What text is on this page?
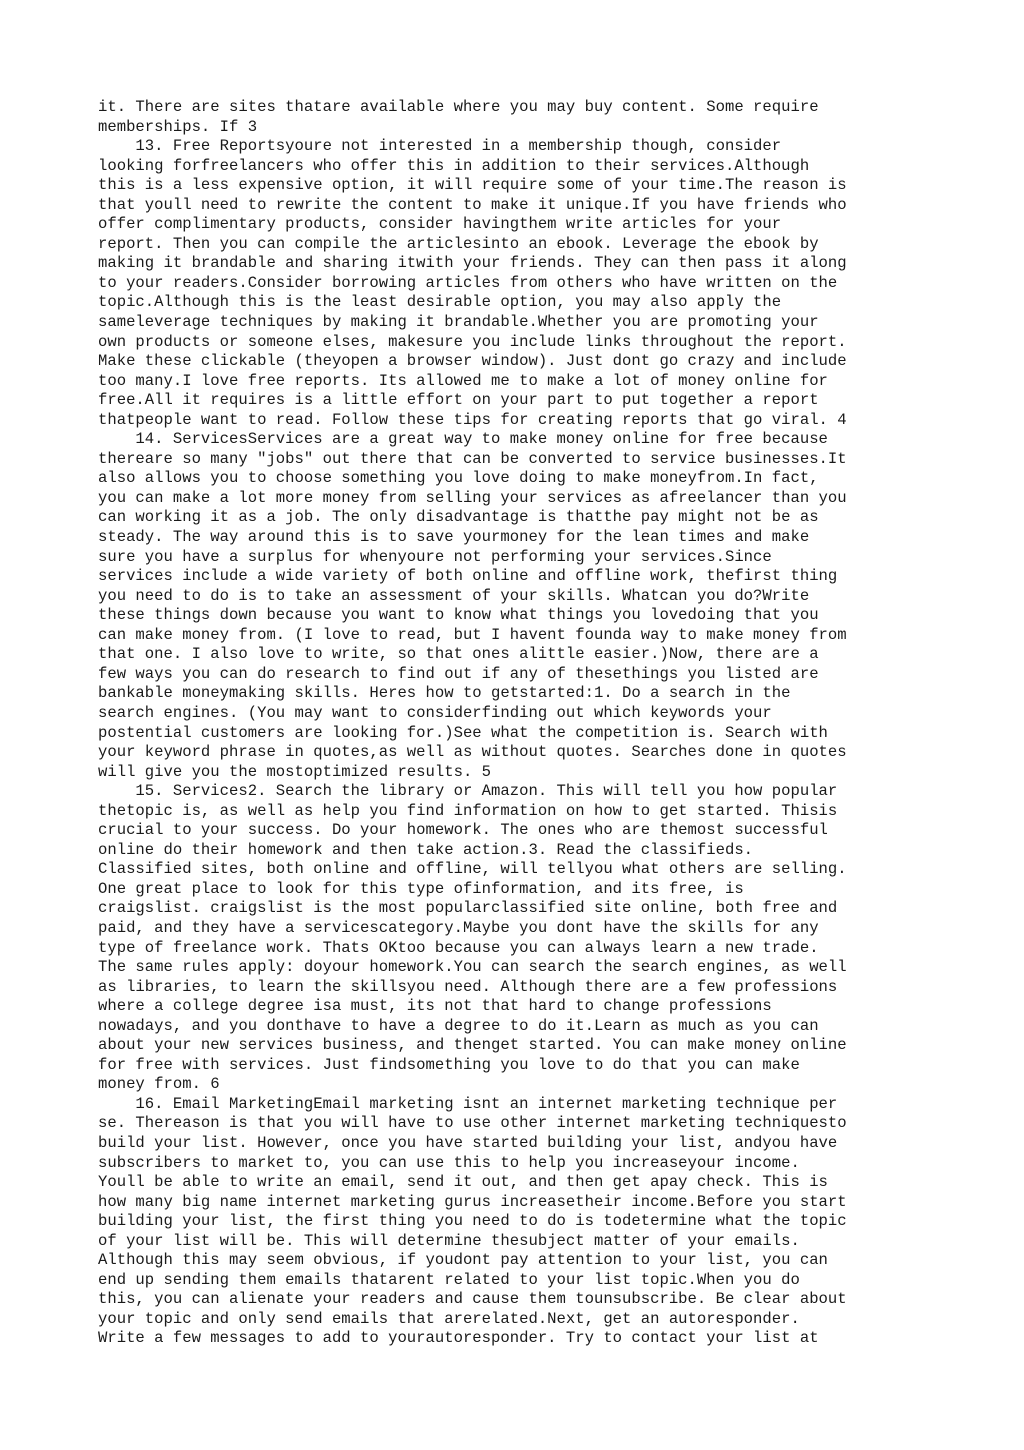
it. There are sites thatare available where you may buy content. Some require
memberships. If 3
13. Free Reportsyoure not interested in a membership though, consider
looking forfreelancers who offer this in addition to their services.Although
this is a less expensive option, it will require some of your time.The reason is
that youll need to rewrite the content to make it unique.If you have friends who
offer complimentary products, consider havingthem write articles for your
report. Then you can compile the articlesinto an ebook. Leverage the ebook by
making it brandable and sharing itwith your friends. They can then pass it along
to your readers.Consider borrowing articles from others who have written on the
topic.Although this is the least desirable option, you may also apply the
sameleverage techniques by making it brandable.Whether you are promoting your
own products or someone elses, makesure you include links throughout the report.
Make these clickable (theyopen a browser window). Just dont go crazy and include
too many.I love free reports. Its allowed me to make a lot of money online for
free.All it requires is a little effort on your part to put together a report
thatpeople want to read. Follow these tips for creating reports that go viral. 4
14. ServicesServices are a great way to make money online for free because
thereare so many "jobs" out there that can be converted to service businesses.It
also allows you to choose something you love doing to make moneyfrom.In fact,
you can make a lot more money from selling your services as afreelancer than you
can working it as a job. The only disadvantage is thatthe pay might not be as
steady. The way around this is to save yourmoney for the lean times and make
sure you have a surplus for whenyoure not performing your services.Since
services include a wide variety of both online and offline work, thefirst thing
you need to do is to take an assessment of your skills. Whatcan you do?Write
these things down because you want to know what things you lovedoing that you
can make money from. (I love to read, but I havent founda way to make money from
that one. I also love to write, so that ones alittle easier.)Now, there are a
few ways you can do research to find out if any of thesethings you listed are
bankable moneymaking skills. Heres how to getstarted:1. Do a search in the
search engines. (You may want to considerfinding out which keywords your
postential customers are looking for.)See what the competition is. Search with
your keyword phrase in quotes,as well as without quotes. Searches done in quotes
will give you the mostoptimized results. 5
15. Services2. Search the library or Amazon. This will tell you how popular
thetopic is, as well as help you find information on how to get started. Thisis
crucial to your success. Do your homework. The ones who are themost successful
online do their homework and then take action.3. Read the classifieds.
Classified sites, both online and offline, will tellyou what others are selling.
One great place to look for this type ofinformation, and its free, is
craigslist. craigslist is the most popularclassified site online, both free and
paid, and they have a servicescategory.Maybe you dont have the skills for any
type of freelance work. Thats OKtoo because you can always learn a new trade.
The same rules apply: doyour homework.You can search the search engines, as well
as libraries, to learn the skillsyou need. Although there are a few professions
where a college degree isa must, its not that hard to change professions
nowadays, and you donthave to have a degree to do it.Learn as much as you can
about your new services business, and thenget started. You can make money online
for free with services. Just findsomething you love to do that you can make
money from. 6
16. Email MarketingEmail marketing isnt an internet marketing technique per
se. Thereason is that you will have to use other internet marketing techniquesto
build your list. However, once you have started building your list, andyou have
subscribers to market to, you can use this to help you increaseyour income.
Youll be able to write an email, send it out, and then get apay check. This is
how many big name internet marketing gurus increasetheir income.Before you start
building your list, the first thing you need to do is todetermine what the topic
of your list will be. This will determine thesubject matter of your emails.
Although this may seem obvious, if youdont pay attention to your list, you can
end up sending them emails thatarent related to your list topic.When you do
this, you can alienate your readers and cause them tounsubscribe. Be clear about
your topic and only send emails that arerelated.Next, get an autoresponder.
Write a few messages to add to yourautoresponder. Try to contact your list at
